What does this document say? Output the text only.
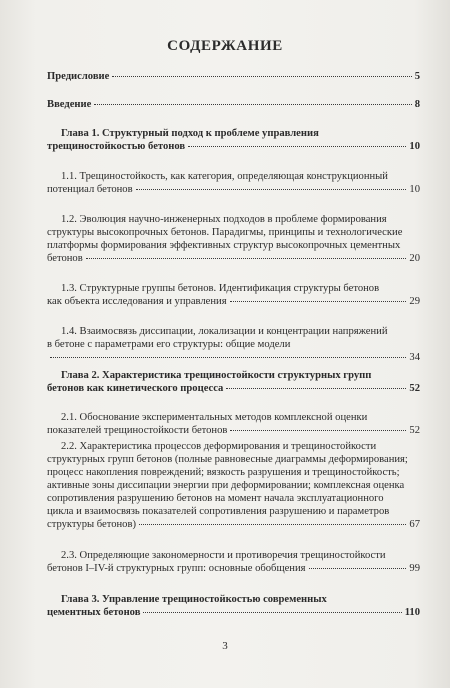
СОДЕРЖАНИЕ
Предисловие	5
Введение	8
Глава 1. Структурный подход к проблеме управления
трещиностойкостью бетонов	10
1.1. Трещиностойкость, как категория, определяющая конструкционный
потенциал бетонов	10
1.2. Эволюция научно-инженерных подходов в проблеме формирования
структуры высокопрочных бетонов. Парадигмы, принципы и технологические
платформы формирования эффективных структур высокопрочных цементных
бетонов	20
1.3. Структурные группы бетонов. Идентификация структуры бетонов
как объекта исследования и управления	29
1.4. Взаимосвязь диссипации, локализации и концентрации напряжений
в бетоне с параметрами его структуры: общие модели
34
Глава 2. Характеристика трещиностойкости структурных групп
бетонов как кинетического процесса	52
2.1. Обоснование экспериментальных методов комплексной оценки
показателей трещиностойкости бетонов	52
2.2. Характеристика процессов деформирования и трещиностойкости
структурных групп бетонов (полные равновесные диаграммы деформирования;
процесс накопления повреждений; вязкость разрушения и трещиностойкость;
активные зоны диссипации энергии при деформировании; комплексная оценка
сопротивления разрушению бетонов на момент начала эксплуатационного
цикла и взаимосвязь показателей сопротивления разрушению и параметров
структуры бетонов)	67
2.3. Определяющие закономерности и противоречия трещиностойкости
бетонов I–IV-й структурных групп: основные обобщения	99
Глава 3. Управление трещиностойкостью современных
цементных бетонов	110
3
